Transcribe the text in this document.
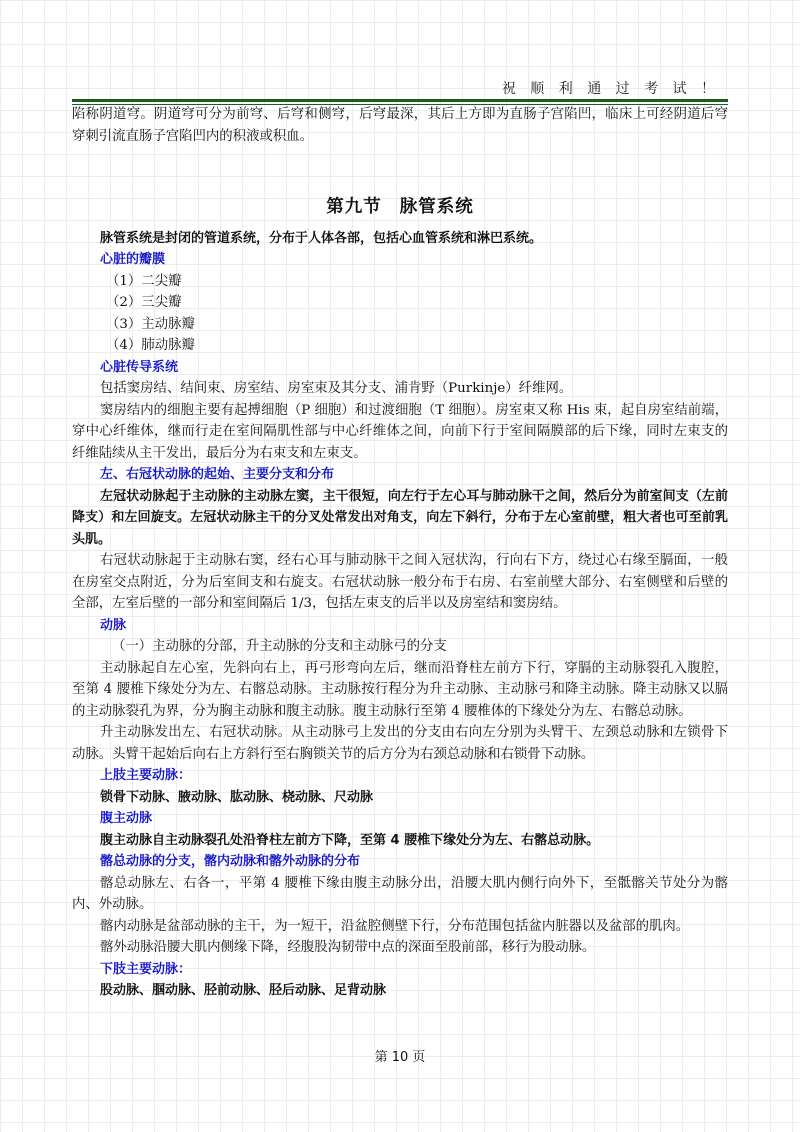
祝 顺 利 通 过 考 试 ！

陷称阴道穹。阴道穹可分为前穹、后穹和侧穹，后穹最深，其后上方即为直肠子宫陷凹，临床上可经阴道后穹穿刺引流直肠子宫陷凹内的积液或积血。

第九节 脉管系统

脉管系统是封闭的管道系统，分布于人体各部，包括心血管系统和淋巴系统。

心脏的瓣膜
（1）二尖瓣
（2）三尖瓣
（3）主动脉瓣
（4）肺动脉瓣
心脏传导系统

包括窦房结、结间束、房室结、房室束及其分支、浦肯野（Purkinje）纤维网。

窦房结内的细胞主要有起搏细胞（P 细胞）和过渡细胞（T 细胞）。房室束又称 His 束，起自房室结前端，穿中心纤维体，继而行走在室间隔肌性部与中心纤维体之间，向前下行于室间隔膜部的后下缘，同时左束支的纤维陆续从主干发出，最后分为右束支和左束支。

左、右冠状动脉的起始、主要分支和分布

左冠状动脉起于主动脉的主动脉左窦，主干很短，向左行于左心耳与肺动脉干之间，然后分为前室间支（左前降支）和左回旋支。左冠状动脉主干的分叉处常发出对角支，向左下斜行，分布于左心室前壁，粗大者也可至前乳头肌。

右冠状动脉起于主动脉右窦，经右心耳与肺动脉干之间入冠状沟，行向右下方，绕过心右缘至膈面，一般在房室交点附近，分为后室间支和右旋支。右冠状动脉一般分布于右房、右室前壁大部分、右室侧壁和后壁的全部，左室后壁的一部分和室间隔后 1/3，包括左束支的后半以及房室结和窦房结。

动脉
（一）主动脉的分部，升主动脉的分支和主动脉弓的分支

主动脉起自左心室，先斜向右上，再弓形弯向左后，继而沿脊柱左前方下行，穿膈的主动脉裂孔入腹腔，至第 4 腰椎下缘处分为左、右髂总动脉。主动脉按行程分为升主动脉、主动脉弓和降主动脉。降主动脉又以膈的主动脉裂孔为界，分为胸主动脉和腹主动脉。腹主动脉行至第 4 腰椎体的下缘处分为左、右髂总动脉。

升主动脉发出左、右冠状动脉。从主动脉弓上发出的分支由右向左分别为头臂干、左颈总动脉和左锁骨下动脉。头臂干起始后向右上方斜行至右胸锁关节的后方分为右颈总动脉和右锁骨下动脉。

上肢主要动脉：

锁骨下动脉、腋动脉、肱动脉、桡动脉、尺动脉

腹主动脉

腹主动脉自主动脉裂孔处沿脊柱左前方下降，至第 4 腰椎下缘处分为左、右髂总动脉。

髂总动脉的分支，髂内动脉和髂外动脉的分布

髂总动脉左、右各一，平第 4 腰椎下缘由腹主动脉分出，沿腰大肌内侧行向外下，至骶髂关节处分为髂内、外动脉。

髂内动脉是盆部动脉的主干，为一短干，沿盆腔侧壁下行，分布范围包括盆内脏器以及盆部的肌肉。

髂外动脉沿腰大肌内侧缘下降，经腹股沟韧带中点的深面至股前部，移行为股动脉。

下肢主要动脉：

股动脉、腘动脉、胫前动脉、胫后动脉、足背动脉

第 10 页
